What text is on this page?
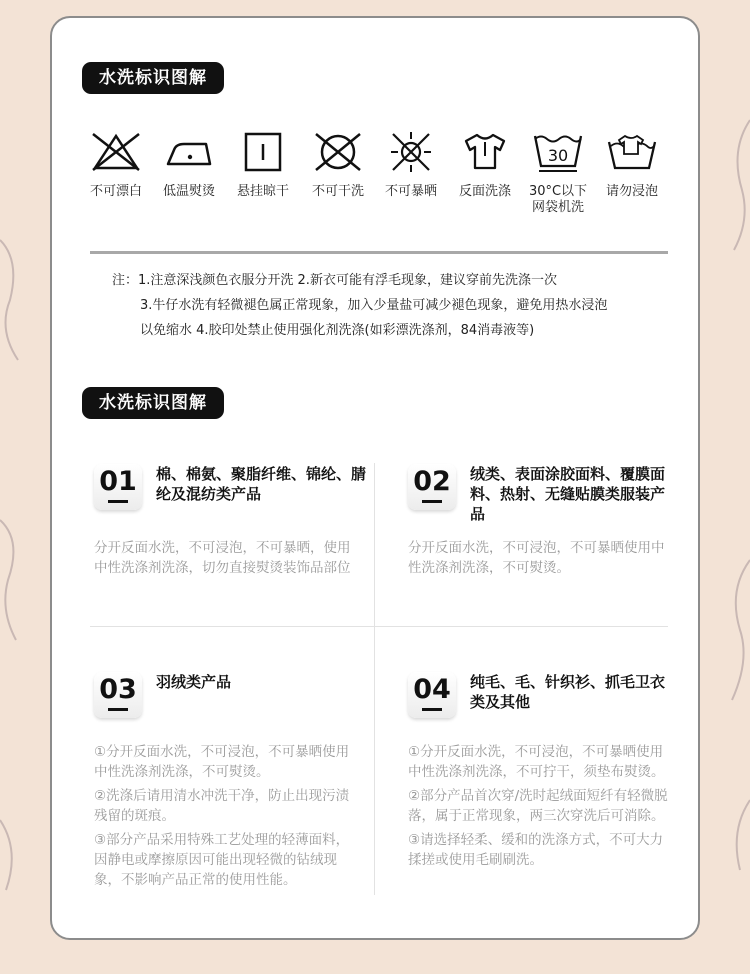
水洗标识图解
不可漂白	低温熨烫	悬挂晾干	不可干洗	不可暴晒	反面洗涤
30
30°C以下
网袋机洗
请勿浸泡
注：1.注意深浅颜色衣服分开洗 2.新衣可能有浮毛现象，建议穿前先洗涤一次
3.牛仔水洗有轻微褪色属正常现象，加入少量盐可减少褪色现象，避免用热水浸泡
以免缩水 4.胶印处禁止使用强化剂洗涤(如彩漂洗涤剂，84消毒液等)
水洗标识图解
01	棉、棉氨、聚脂纤维、锦纶、腈纶及混纺类产品

分开反面水洗，不可浸泡，不可暴晒，使用中性洗涤剂洗涤，切勿直接熨烫装饰品部位

02	绒类、表面涂胶面料、覆膜面料、热射、无缝贴膜类服装产品

分开反面水洗，不可浸泡，不可暴晒使用中性洗涤剂洗涤，不可熨烫。

03	羽绒类产品

①分开反面水洗，不可浸泡，不可暴晒使用中性洗涤剂洗涤，不可熨烫。

②洗涤后请用清水冲洗干净，防止出现污渍残留的斑痕。

③部分产品采用特殊工艺处理的轻薄面料，因静电或摩擦原因可能出现轻微的钻绒现象，不影响产品正常的使用性能。

04	纯毛、毛、针织衫、抓毛卫衣类及其他

①分开反面水洗，不可浸泡，不可暴晒使用中性洗涤剂洗涤，不可拧干，须垫布熨烫。

②部分产品首次穿/洗时起绒面短纤有轻微脱落，属于正常现象，两三次穿洗后可消除。

③请选择轻柔、缓和的洗涤方式，不可大力揉搓或使用毛刷刷洗。
